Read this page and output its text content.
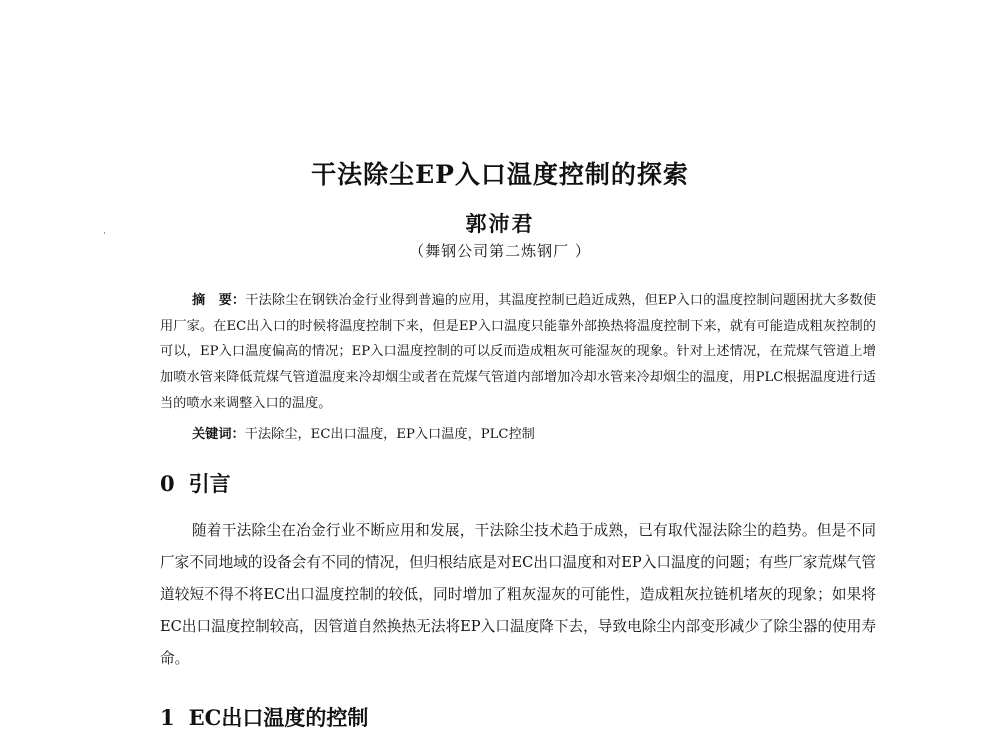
干法除尘EP入口温度控制的探索
郭沛君
（舞钢公司第二炼钢厂 ）
摘　要：干法除尘在钢铁冶金行业得到普遍的应用，其温度控制已趋近成熟，但EP入口的温度控制问题困扰大多数使用厂家。在EC出入口的时候将温度控制下来，但是EP入口温度只能靠外部换热将温度控制下来，就有可能造成粗灰控制的可以，EP入口温度偏高的情况；EP入口温度控制的可以反而造成粗灰可能湿灰的现象。针对上述情况，在荒煤气管道上增加喷水管来降低荒煤气管道温度来冷却烟尘或者在荒煤气管道内部增加冷却水管来冷却烟尘的温度，用PLC根据温度进行适当的喷水来调整入口的温度。
关键词：干法除尘，EC出口温度，EP入口温度，PLC控制
0 引言
随着干法除尘在冶金行业不断应用和发展，干法除尘技术趋于成熟，已有取代湿法除尘的趋势。但是不同厂家不同地域的设备会有不同的情况，但归根结底是对EC出口温度和对EP入口温度的问题；有些厂家荒煤气管道较短不得不将EC出口温度控制的较低，同时增加了粗灰湿灰的可能性，造成粗灰拉链机堵灰的现象；如果将EC出口温度控制较高，因管道自然换热无法将EP入口温度降下去，导致电除尘内部变形减少了除尘器的使用寿命。
1 EC出口温度的控制
